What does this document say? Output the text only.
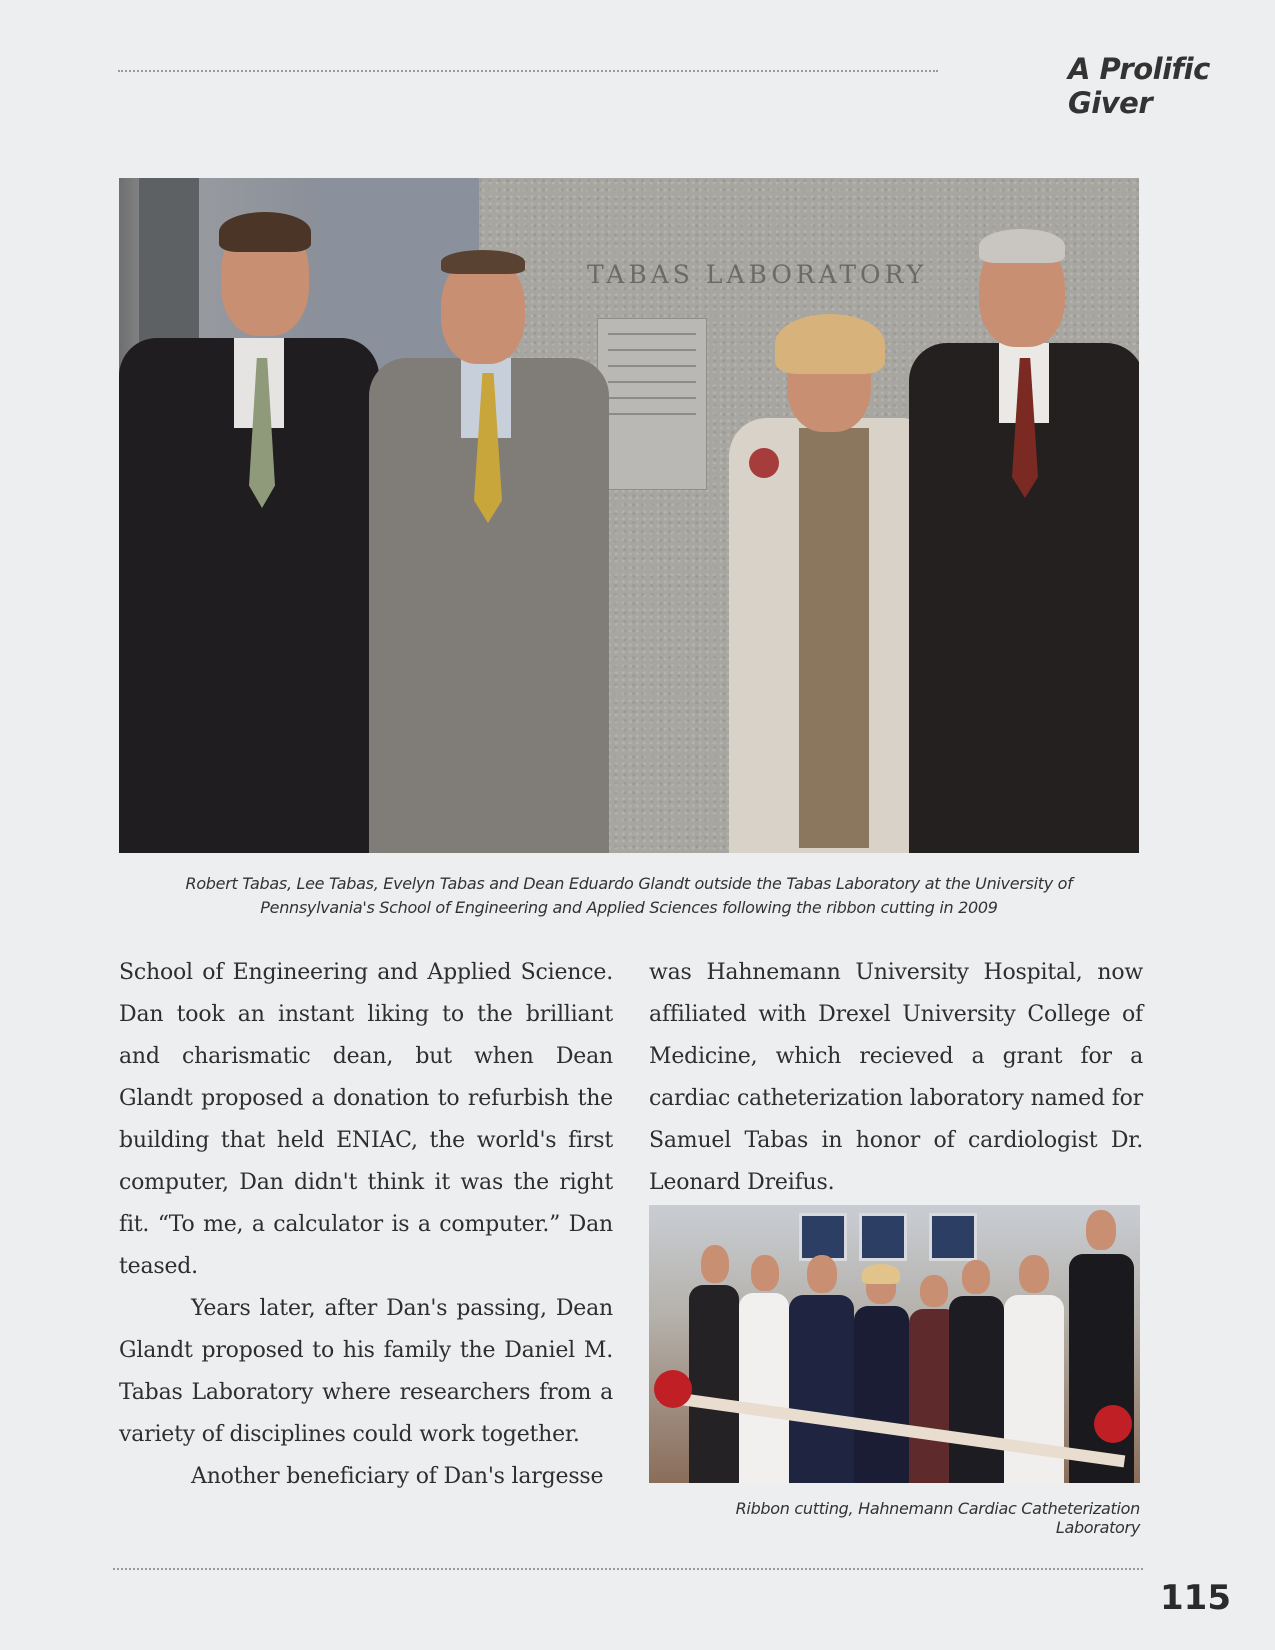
A Prolific Giver
TABAS LABORATORY
Robert Tabas, Lee Tabas, Evelyn Tabas and Dean Eduardo Glandt outside the Tabas Laboratory at the University of
Pennsylvania's School of Engineering and Applied Sciences following the ribbon cutting in 2009

School of Engineering and Applied Science. Dan took an instant liking to the brilliant and charismatic dean, but when Dean Glandt proposed a donation to refurbish the building that held ENIAC, the world's first computer, Dan didn't think it was the right fit. “To me, a calculator is a computer.” Dan teased.

Years later, after Dan's passing, Dean Glandt proposed to his family the Daniel M. Tabas Laboratory where researchers from a variety of disciplines could work together.

Another beneficiary of Dan's largesse

was Hahnemann University Hospital, now affiliated with Drexel University College of Medicine, which recieved a grant for a cardiac catheterization laboratory named for Samuel Tabas in honor of cardiologist Dr. Leonard Dreifus.

Ribbon cutting, Hahnemann Cardiac Catheterization Laboratory
115
